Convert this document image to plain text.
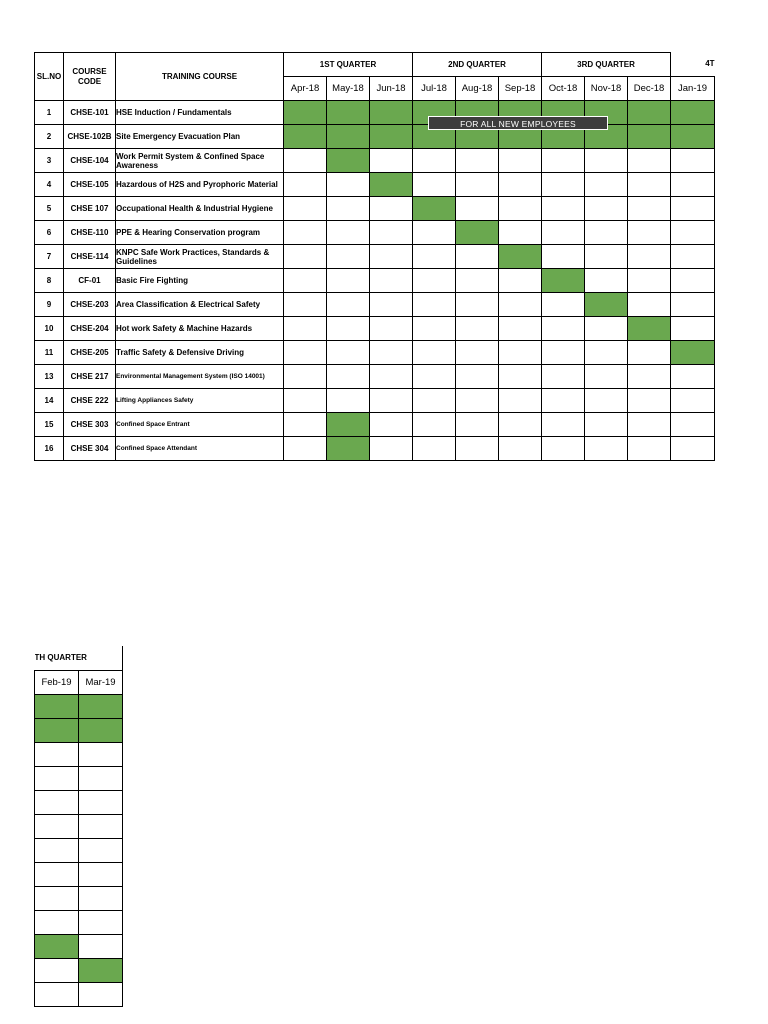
SL.NO	COURSE CODE	TRAINING COURSE	1ST QUARTER			2ND QUARTER			3RD QUARTER			4T
			Apr-18	May-18	Jun-18	Jul-18	Aug-18	Sep-18	Oct-18	Nov-18	Dec-18	Jan-19
1	CHSE-101	HSE Induction / Fundamentals										
2	CHSE-102B	Site Emergency Evacuation Plan										
3	CHSE-104	Work Permit System & Confined Space Awareness										
4	CHSE-105	Hazardous of H2S and Pyrophoric Material										
5	CHSE 107	Occupational Health & Industrial Hygiene										
6	CHSE-110	PPE & Hearing Conservation program										
7	CHSE-114	KNPC Safe Work Practices, Standards & Guidelines										
8	CF-01	Basic Fire Fighting										
9	CHSE-203	Area Classification & Electrical Safety										
10	CHSE-204	Hot work Safety & Machine Hazards										
11	CHSE-205	Traffic Safety & Defensive Driving										
13	CHSE 217	Environmental Management System (ISO 14001)										
14	CHSE 222	Lifting Appliances Safety										
15	CHSE 303	Confined Space Entrant										
16	CHSE 304	Confined Space Attendant										
FOR ALL NEW EMPLOYEES
TH QUARTER	
Feb-19	Mar-19
